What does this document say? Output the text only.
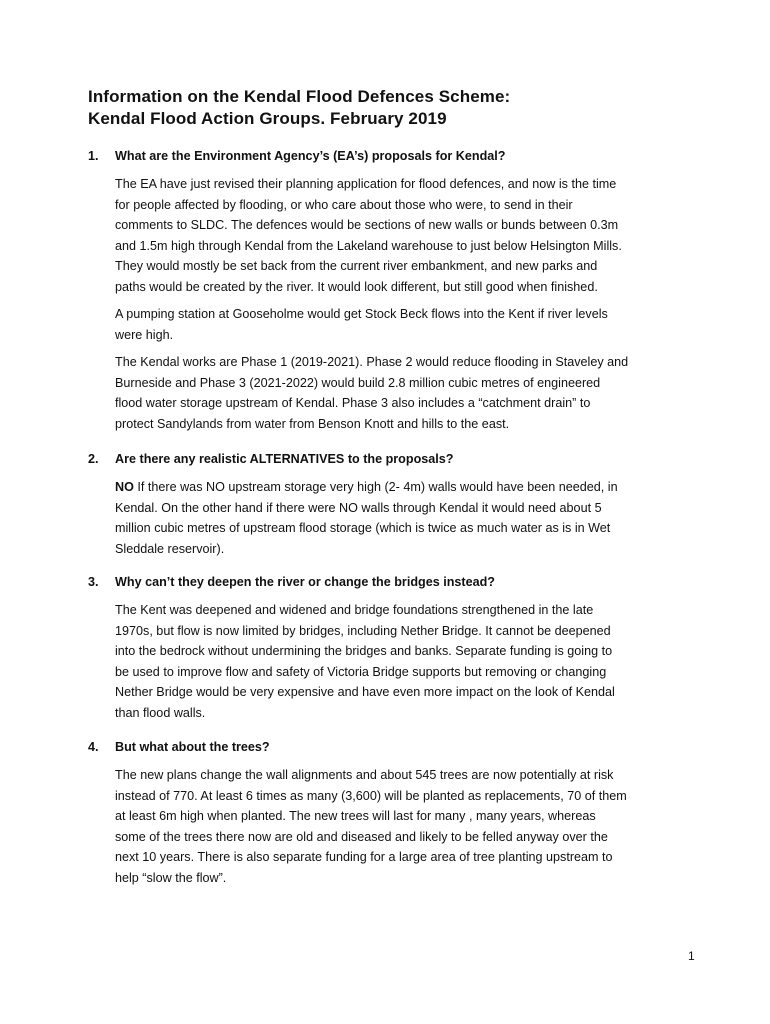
Information on the Kendal Flood Defences Scheme:
Kendal Flood Action Groups. February 2019

1. What are the Environment Agency’s (EA’s) proposals for Kendal?

The EA have just revised their planning application for flood defences, and now is the time
for people affected by flooding, or who care about those who were, to send in their
comments to SLDC. The defences would be sections of new walls or bunds between 0.3m
and 1.5m high through Kendal from the Lakeland warehouse to just below Helsington Mills.
They would mostly be set back from the current river embankment, and new parks and
paths would be created by the river. It would look different, but still good when finished.

A pumping station at Gooseholme would get Stock Beck flows into the Kent if river levels
were high.

The Kendal works are Phase 1 (2019-2021). Phase 2 would reduce flooding in Staveley and
Burneside and Phase 3 (2021-2022) would build 2.8 million cubic metres of engineered
flood water storage upstream of Kendal. Phase 3 also includes a “catchment drain” to
protect Sandylands from water from Benson Knott and hills to the east.

2. Are there any realistic ALTERNATIVES to the proposals?

NO If there was NO upstream storage very high (2- 4m) walls would have been needed, in
Kendal. On the other hand if there were NO walls through Kendal it would need about 5
million cubic metres of upstream flood storage (which is twice as much water as is in Wet
Sleddale reservoir).

3. Why can’t they deepen the river or change the bridges instead?

The Kent was deepened and widened and bridge foundations strengthened in the late
1970s, but flow is now limited by bridges, including Nether Bridge. It cannot be deepened
into the bedrock without undermining the bridges and banks. Separate funding is going to
be used to improve flow and safety of Victoria Bridge supports but removing or changing
Nether Bridge would be very expensive and have even more impact on the look of Kendal
than flood walls.

4. But what about the trees?

The new plans change the wall alignments and about 545 trees are now potentially at risk
instead of 770. At least 6 times as many (3,600) will be planted as replacements, 70 of them
at least 6m high when planted. The new trees will last for many , many years, whereas
some of the trees there now are old and diseased and likely to be felled anyway over the
next 10 years. There is also separate funding for a large area of tree planting upstream to
help “slow the flow”.

1
